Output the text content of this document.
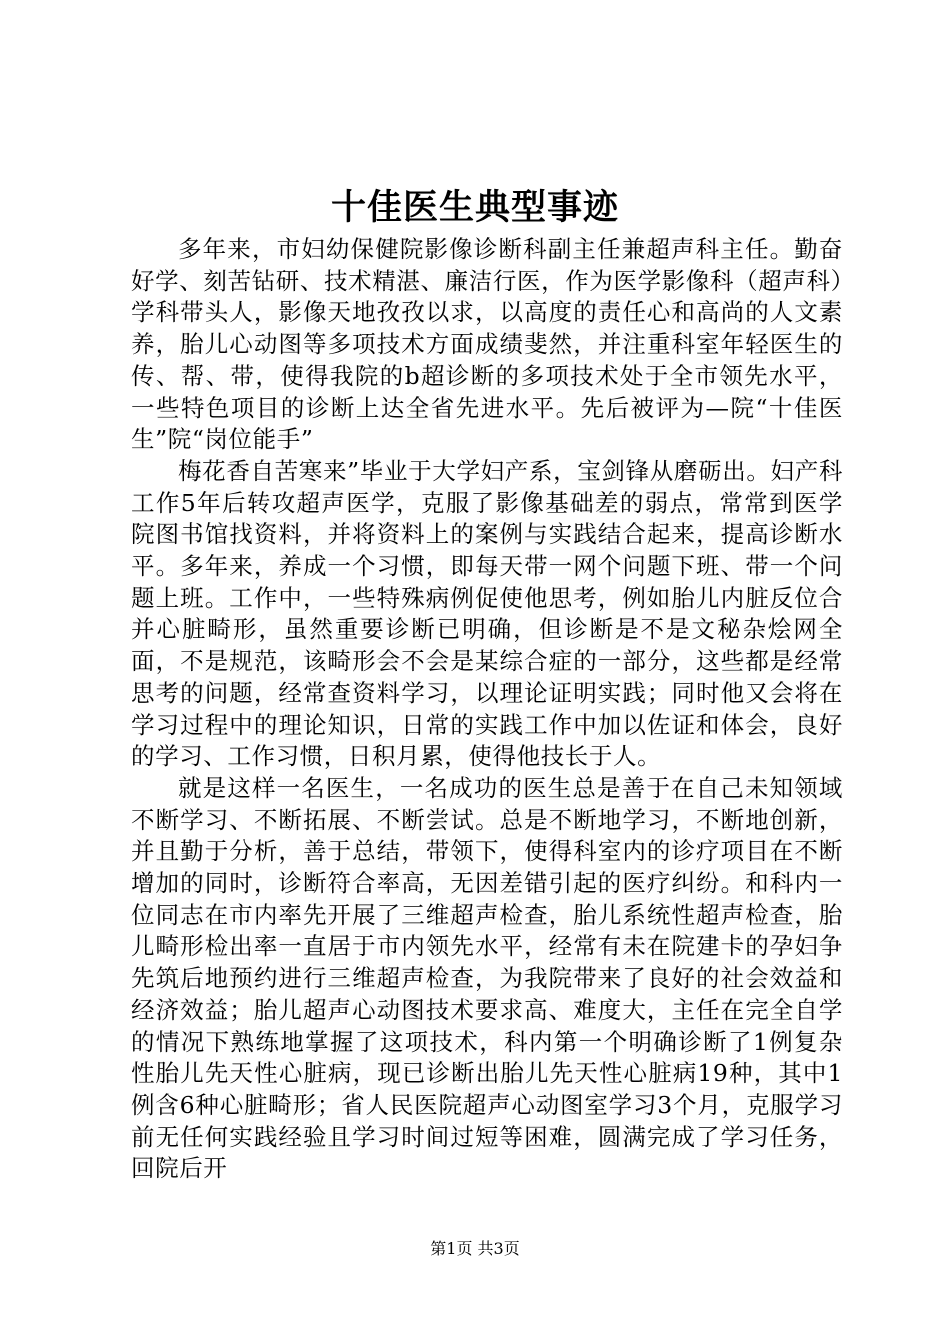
十佳医生典型事迹

多年来，市妇幼保健院影像诊断科副主任兼超声科主任。勤奋好学、刻苦钻研、技术精湛、廉洁行医，作为医学影像科（超声科）学科带头人，影像天地孜孜以求，以高度的责任心和高尚的人文素养，胎儿心动图等多项技术方面成绩斐然，并注重科室年轻医生的传、帮、带，使得我院的b超诊断的多项技术处于全市领先水平，一些特色项目的诊断上达全省先进水平。先后被评为—院“十佳医生”院“岗位能手”

梅花香自苦寒来”毕业于大学妇产系，宝剑锋从磨砺出。妇产科工作5年后转攻超声医学，克服了影像基础差的弱点，常常到医学院图书馆找资料，并将资料上的案例与实践结合起来，提高诊断水平。多年来，养成一个习惯，即每天带一网个问题下班、带一个问题上班。工作中，一些特殊病例促使他思考，例如胎儿内脏反位合并心脏畸形，虽然重要诊断已明确，但诊断是不是文秘杂烩网全面，不是规范，该畸形会不会是某综合症的一部分，这些都是经常思考的问题，经常查资料学习，以理论证明实践；同时他又会将在学习过程中的理论知识，日常的实践工作中加以佐证和体会，良好的学习、工作习惯，日积月累，使得他技长于人。

就是这样一名医生，一名成功的医生总是善于在自己未知领域不断学习、不断拓展、不断尝试。总是不断地学习，不断地创新，并且勤于分析，善于总结，带领下，使得科室内的诊疗项目在不断增加的同时，诊断符合率高，无因差错引起的医疗纠纷。和科内一位同志在市内率先开展了三维超声检查，胎儿系统性超声检查，胎儿畸形检出率一直居于市内领先水平，经常有未在院建卡的孕妇争先筑后地预约进行三维超声检查，为我院带来了良好的社会效益和经济效益；胎儿超声心动图技术要求高、难度大，主任在完全自学的情况下熟练地掌握了这项技术，科内第一个明确诊断了1例复杂性胎儿先天性心脏病，现已诊断出胎儿先天性心脏病19种，其中1例含6种心脏畸形；省人民医院超声心动图室学习3个月，克服学习前无任何实践经验且学习时间过短等困难，圆满完成了学习任务，回院后开

第1页 共3页
